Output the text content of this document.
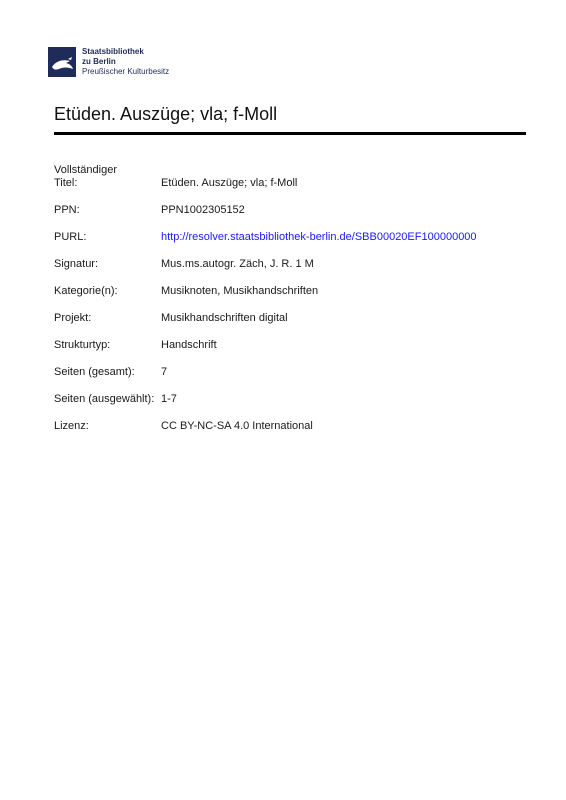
Staatsbibliothek
zu Berlin
Preußischer Kulturbesitz
Etüden. Auszüge; vla; f-Moll
Vollständiger
Titel:	Etüden. Auszüge; vla; f-Moll
PPN:	PPN1002305152
PURL:	http://resolver.staatsbibliothek-berlin.de/SBB00020EF100000000
Signatur:	Mus.ms.autogr. Zäch, J. R. 1 M
Kategorie(n):	Musiknoten, Musikhandschriften
Projekt:	Musikhandschriften digital
Strukturtyp:	Handschrift
Seiten (gesamt):	7
Seiten (ausgewählt): 1-7
Lizenz:	CC BY-NC-SA 4.0 International
